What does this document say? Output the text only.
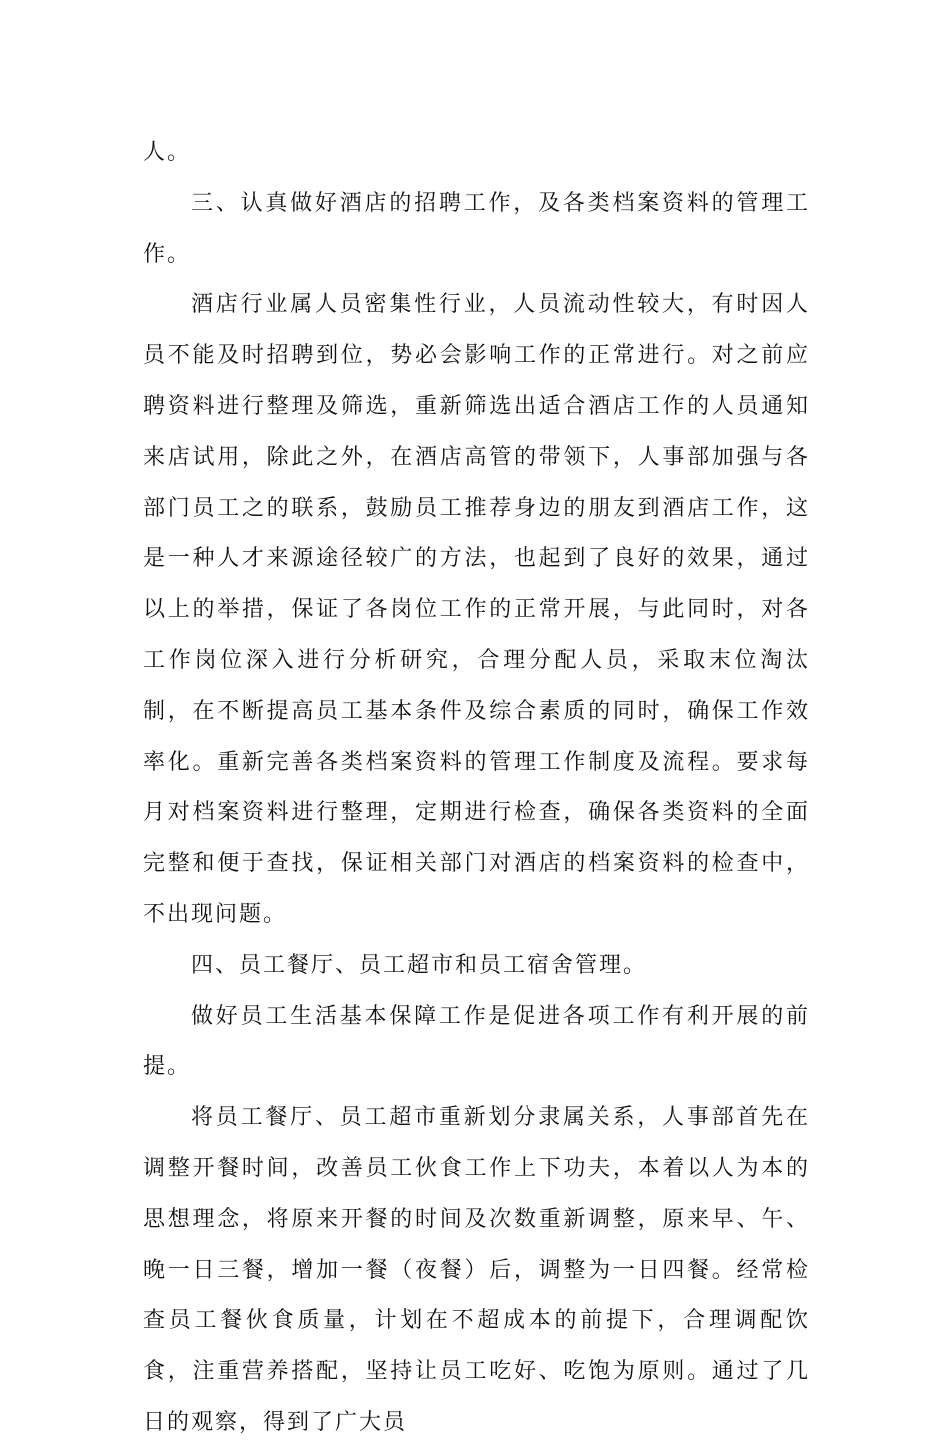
人。

三、认真做好酒店的招聘工作，及各类档案资料的管理工作。

酒店行业属人员密集性行业，人员流动性较大，有时因人员不能及时招聘到位，势必会影响工作的正常进行。对之前应聘资料进行整理及筛选，重新筛选出适合酒店工作的人员通知来店试用，除此之外，在酒店高管的带领下，人事部加强与各部门员工之的联系，鼓励员工推荐身边的朋友到酒店工作，这是一种人才来源途径较广的方法，也起到了良好的效果，通过以上的举措，保证了各岗位工作的正常开展，与此同时，对各工作岗位深入进行分析研究，合理分配人员，采取末位淘汰制，在不断提高员工基本条件及综合素质的同时，确保工作效率化。重新完善各类档案资料的管理工作制度及流程。要求每月对档案资料进行整理，定期进行检查，确保各类资料的全面完整和便于查找，保证相关部门对酒店的档案资料的检查中，不出现问题。

四、员工餐厅、员工超市和员工宿舍管理。

做好员工生活基本保障工作是促进各项工作有利开展的前提。

将员工餐厅、员工超市重新划分隶属关系，人事部首先在调整开餐时间，改善员工伙食工作上下功夫，本着以人为本的思想理念，将原来开餐的时间及次数重新调整，原来早、午、晚一日三餐，增加一餐（夜餐）后，调整为一日四餐。经常检查员工餐伙食质量，计划在不超成本的前提下，合理调配饮食，注重营养搭配，坚持让员工吃好、吃饱为原则。通过了几日的观察，得到了广大员
